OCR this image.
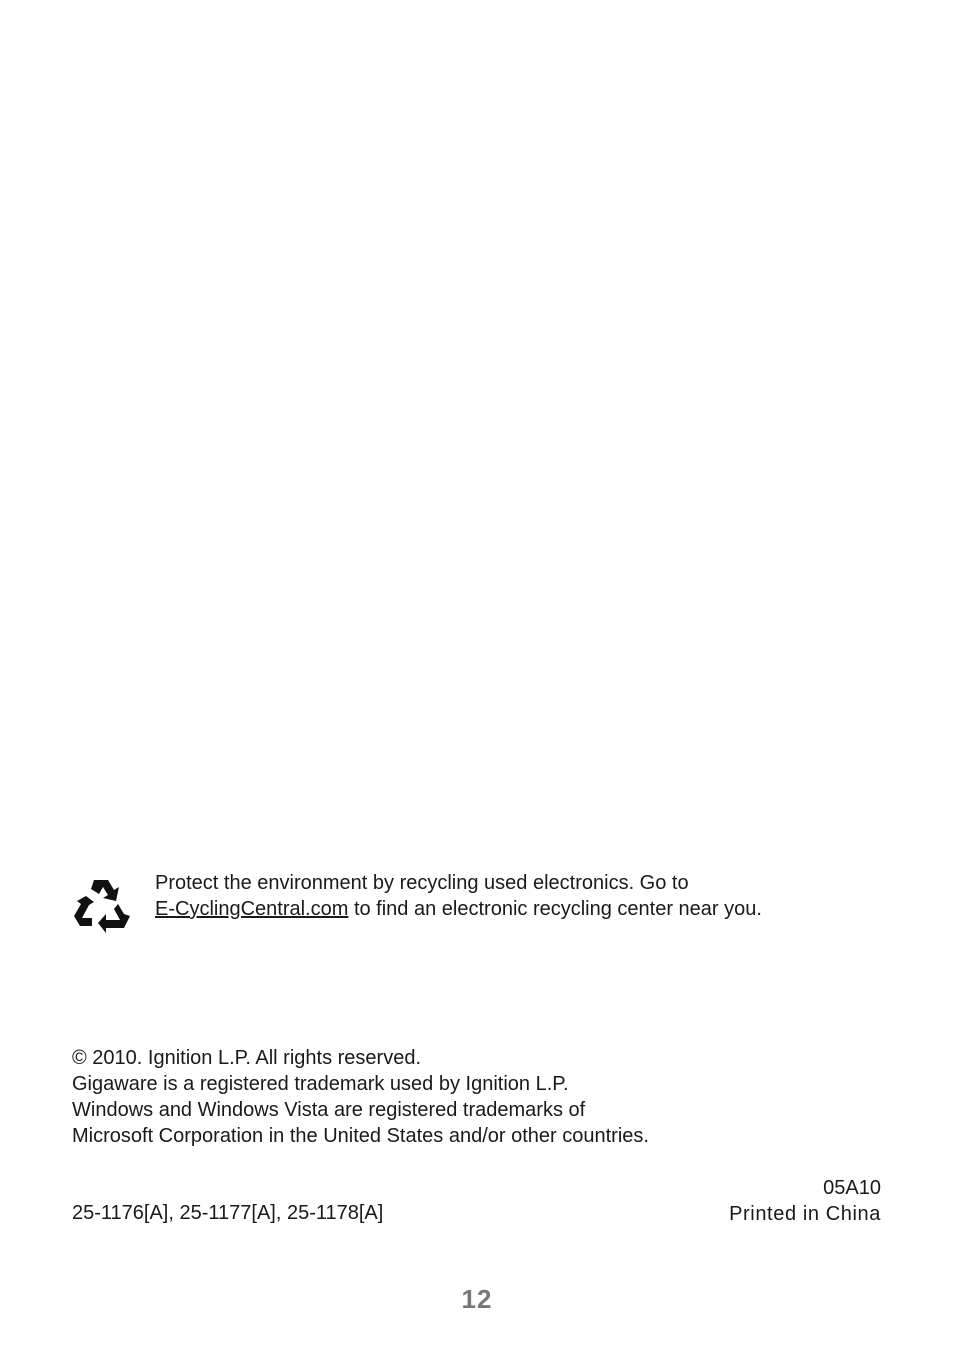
Protect the environment by recycling used electronics. Go to
E-CyclingCentral.com to find an electronic recycling center near you.
© 2010. Ignition L.P. All rights reserved.
Gigaware is a registered trademark used by Ignition L.P.
Windows and Windows Vista are registered trademarks of
Microsoft Corporation in the United States and/or other countries.
25-1176[A], 25-1177[A], 25-1178[A]
05A10
Printed in China
12
